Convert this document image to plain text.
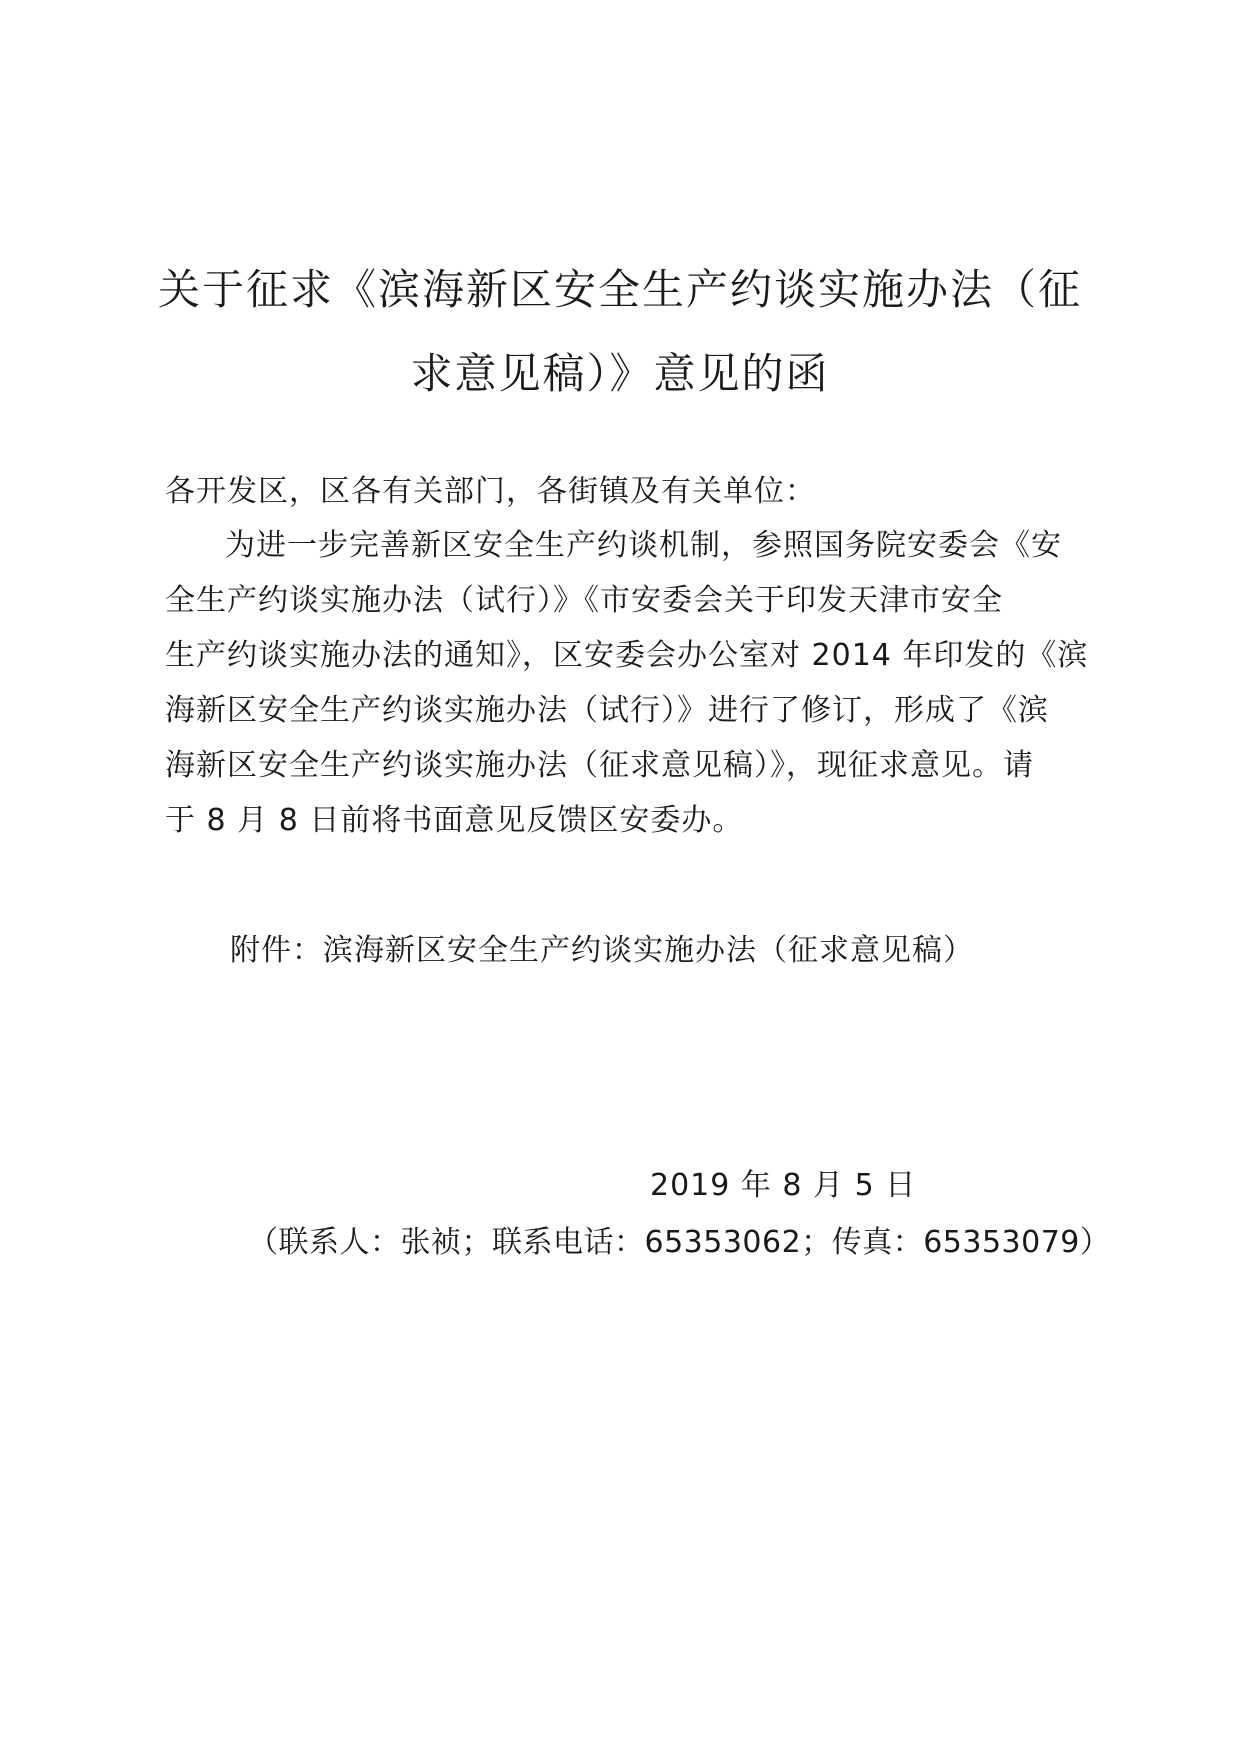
关于征求《滨海新区安全生产约谈实施办法（征
求意见稿）》意见的函
各开发区，区各有关部门，各街镇及有关单位：
为进一步完善新区安全生产约谈机制，参照国务院安委会《安
全生产约谈实施办法（试行）》《市安委会关于印发天津市安全
生产约谈实施办法的通知》，区安委会办公室对 2014 年印发的《滨
海新区安全生产约谈实施办法（试行）》进行了修订，形成了《滨
海新区安全生产约谈实施办法（征求意见稿）》，现征求意见。请
于 8 月 8 日前将书面意见反馈区安委办。
附件：滨海新区安全生产约谈实施办法（征求意见稿）
2019 年 8 月 5 日
（联系人：张祯；联系电话：65353062；传真：65353079）
